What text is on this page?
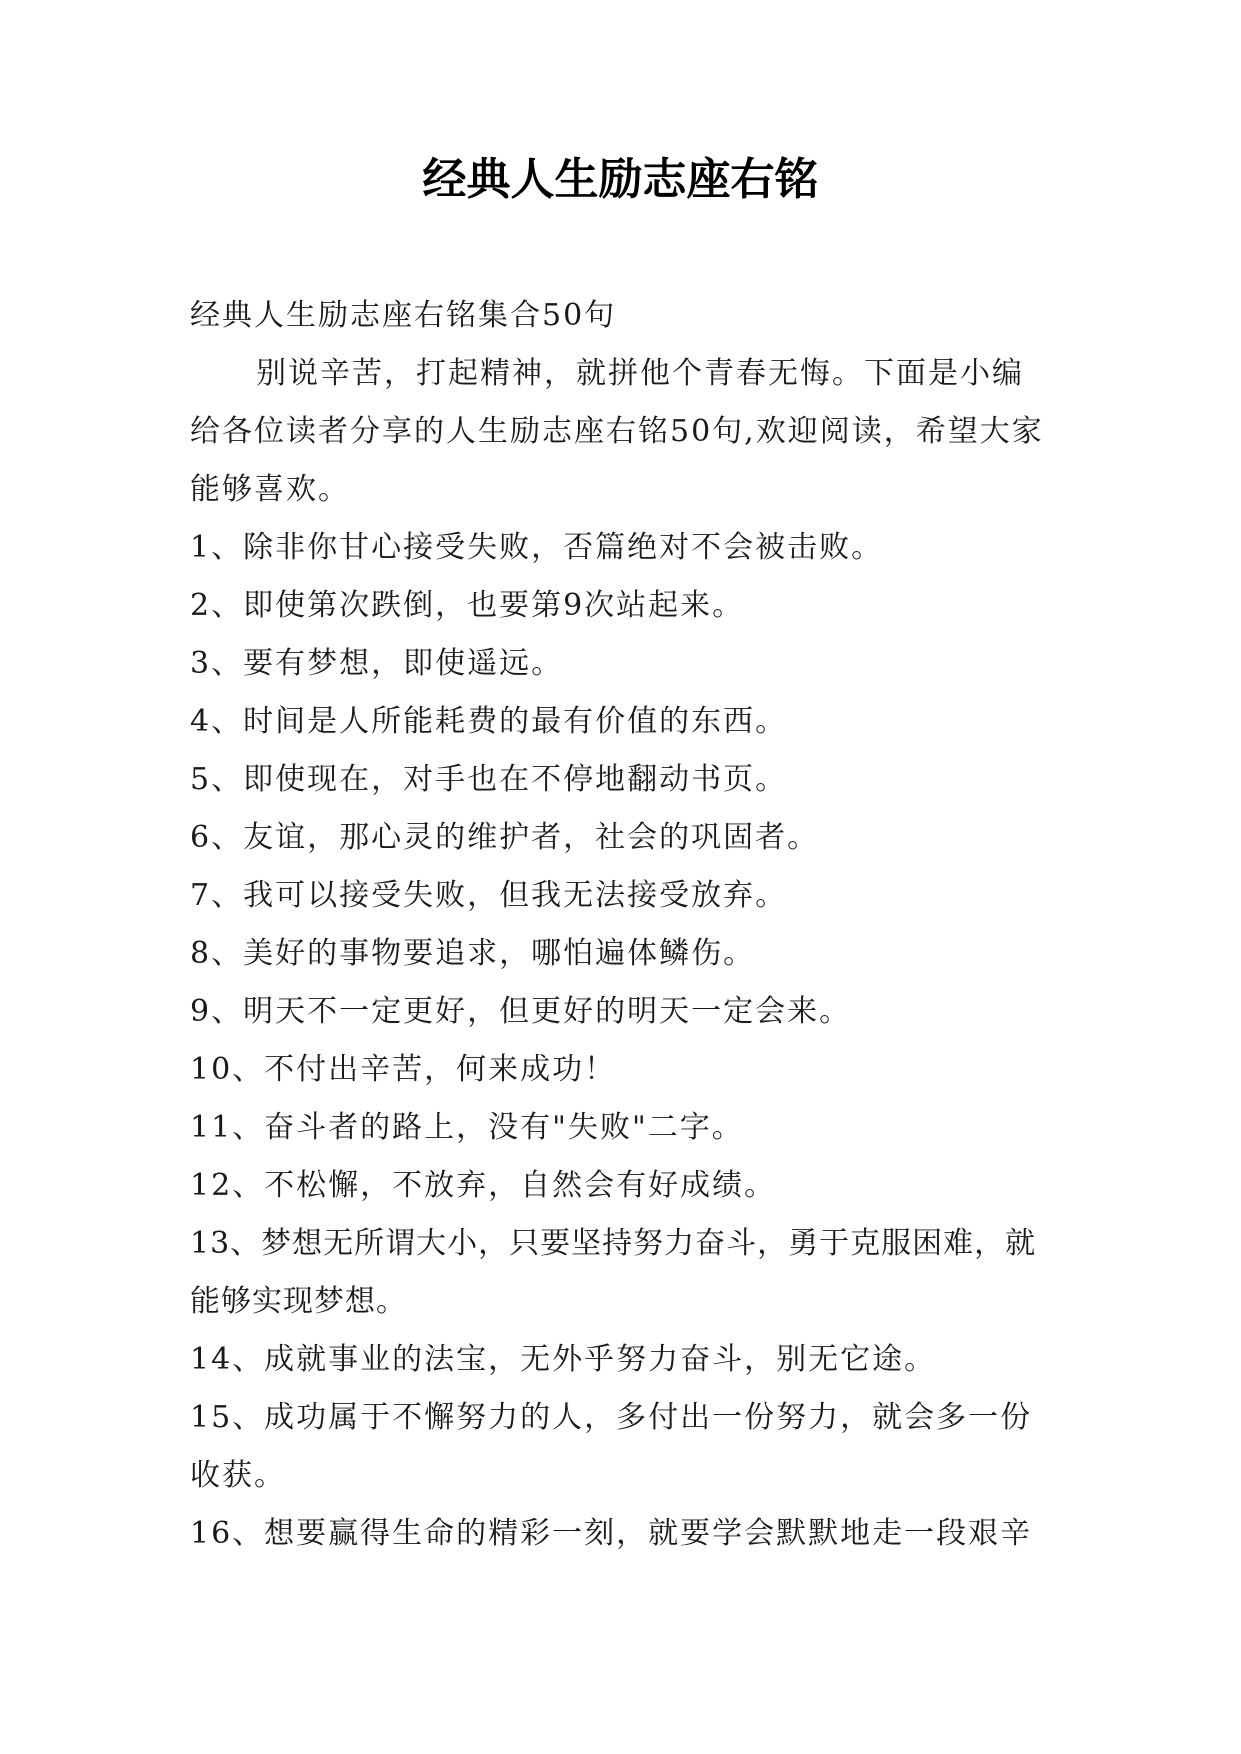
经典人生励志座右铭

经典人生励志座右铭集合50句

别说辛苦，打起精神，就拼他个青春无悔。下面是小编给各位读者分享的人生励志座右铭50句,欢迎阅读，希望大家能够喜欢。

1、除非你甘心接受失败，否篇绝对不会被击败。

2、即使第次跌倒，也要第9次站起来。

3、要有梦想，即使遥远。

4、时间是人所能耗费的最有价值的东西。

5、即使现在，对手也在不停地翻动书页。

6、友谊，那心灵的维护者，社会的巩固者。

7、我可以接受失败，但我无法接受放弃。

8、美好的事物要追求，哪怕遍体鳞伤。

9、明天不一定更好，但更好的明天一定会来。

10、不付出辛苦，何来成功！

11、奋斗者的路上，没有"失败"二字。

12、不松懈，不放弃，自然会有好成绩。

13、梦想无所谓大小，只要坚持努力奋斗，勇于克服困难，就能够实现梦想。

14、成就事业的法宝，无外乎努力奋斗，别无它途。

15、成功属于不懈努力的人，多付出一份努力，就会多一份收获。

16、想要赢得生命的精彩一刻，就要学会默默地走一段艰辛
